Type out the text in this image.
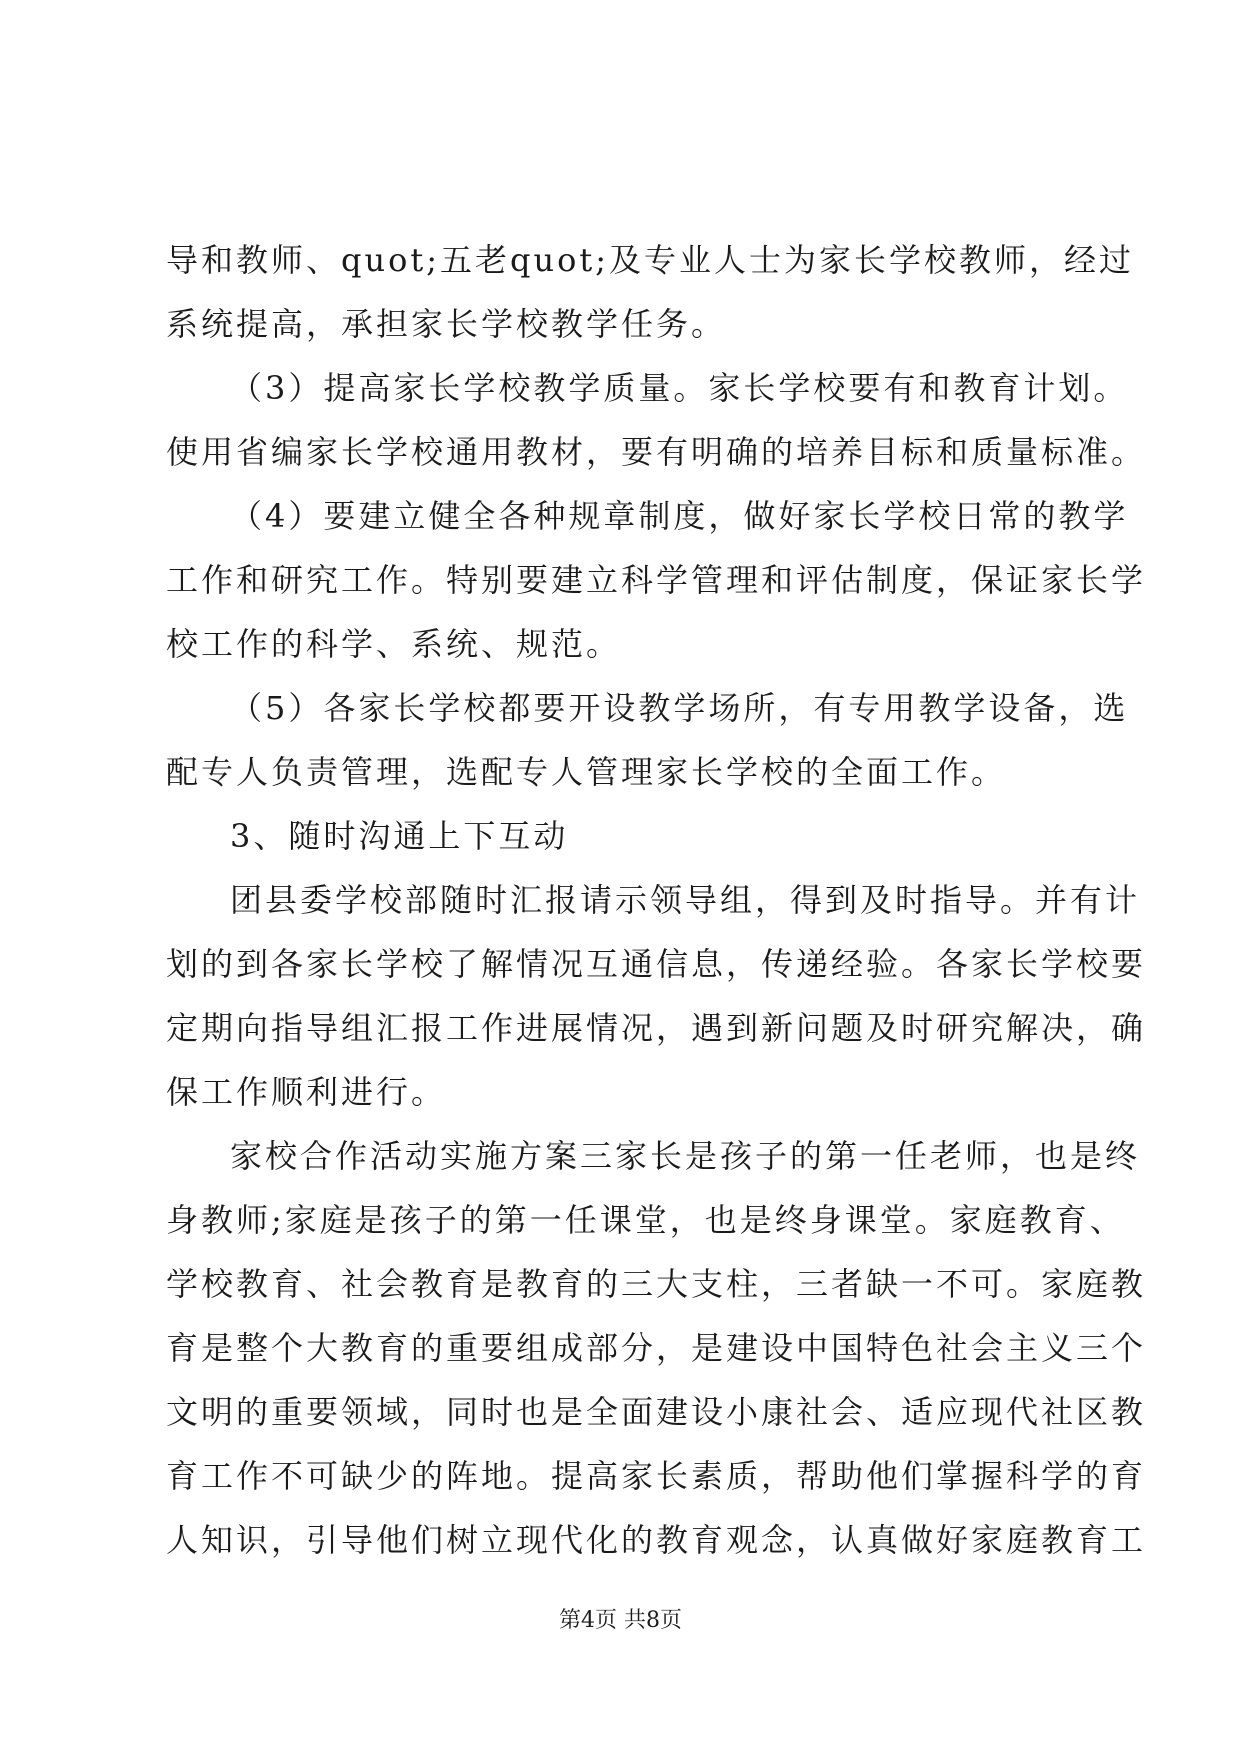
导和教师、quot;五老quot;及专业人士为家长学校教师，经过
系统提高，承担家长学校教学任务。
（3）提高家长学校教学质量。家长学校要有和教育计划。
使用省编家长学校通用教材，要有明确的培养目标和质量标准。
（4）要建立健全各种规章制度，做好家长学校日常的教学
工作和研究工作。特别要建立科学管理和评估制度，保证家长学
校工作的科学、系统、规范。
（5）各家长学校都要开设教学场所，有专用教学设备，选
配专人负责管理，选配专人管理家长学校的全面工作。
3、随时沟通上下互动
团县委学校部随时汇报请示领导组，得到及时指导。并有计
划的到各家长学校了解情况互通信息，传递经验。各家长学校要
定期向指导组汇报工作进展情况，遇到新问题及时研究解决，确
保工作顺利进行。
家校合作活动实施方案三家长是孩子的第一任老师，也是终
身教师;家庭是孩子的第一任课堂，也是终身课堂。家庭教育、
学校教育、社会教育是教育的三大支柱，三者缺一不可。家庭教
育是整个大教育的重要组成部分，是建设中国特色社会主义三个
文明的重要领域，同时也是全面建设小康社会、适应现代社区教
育工作不可缺少的阵地。提高家长素质，帮助他们掌握科学的育
人知识，引导他们树立现代化的教育观念，认真做好家庭教育工
第4页 共8页
